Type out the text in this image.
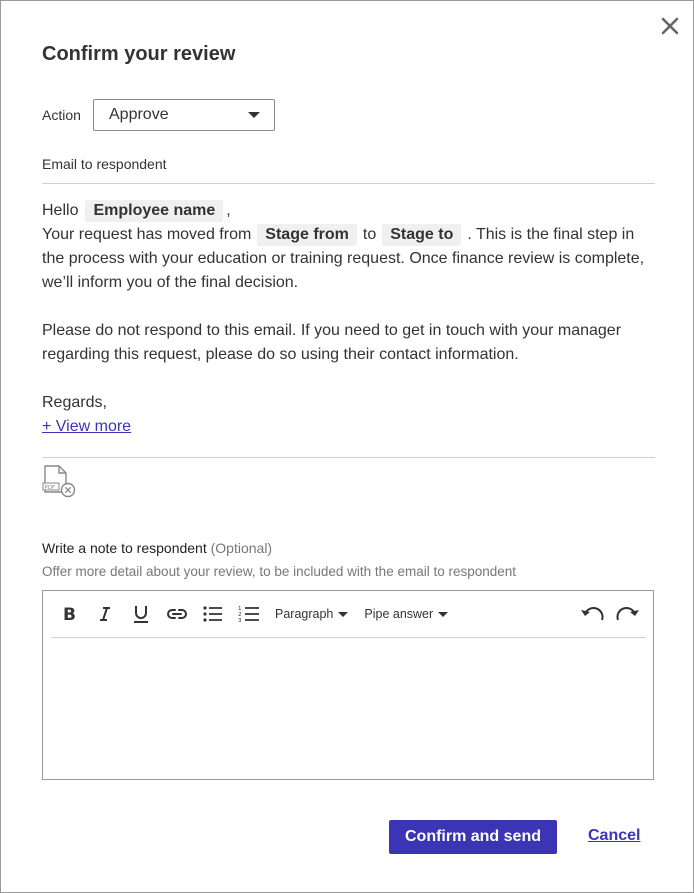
Confirm your review
Action	Approve
Email to respondent
Hello Employee name ,
Your request has moved from Stage from to Stage to . This is the final step in the process with your education or training request. Once finance review is complete, we’ll inform you of the final decision.
Please do not respond to this email. If you need to get in touch with your manager regarding this request, please do so using their contact information.
Regards,
+ View more
PDF
Write a note to respondent (Optional)
Offer more detail about your review, to be included with the email to respondent
B	1
2
3	Paragraph Pipe answer
Confirm and send	Cancel
